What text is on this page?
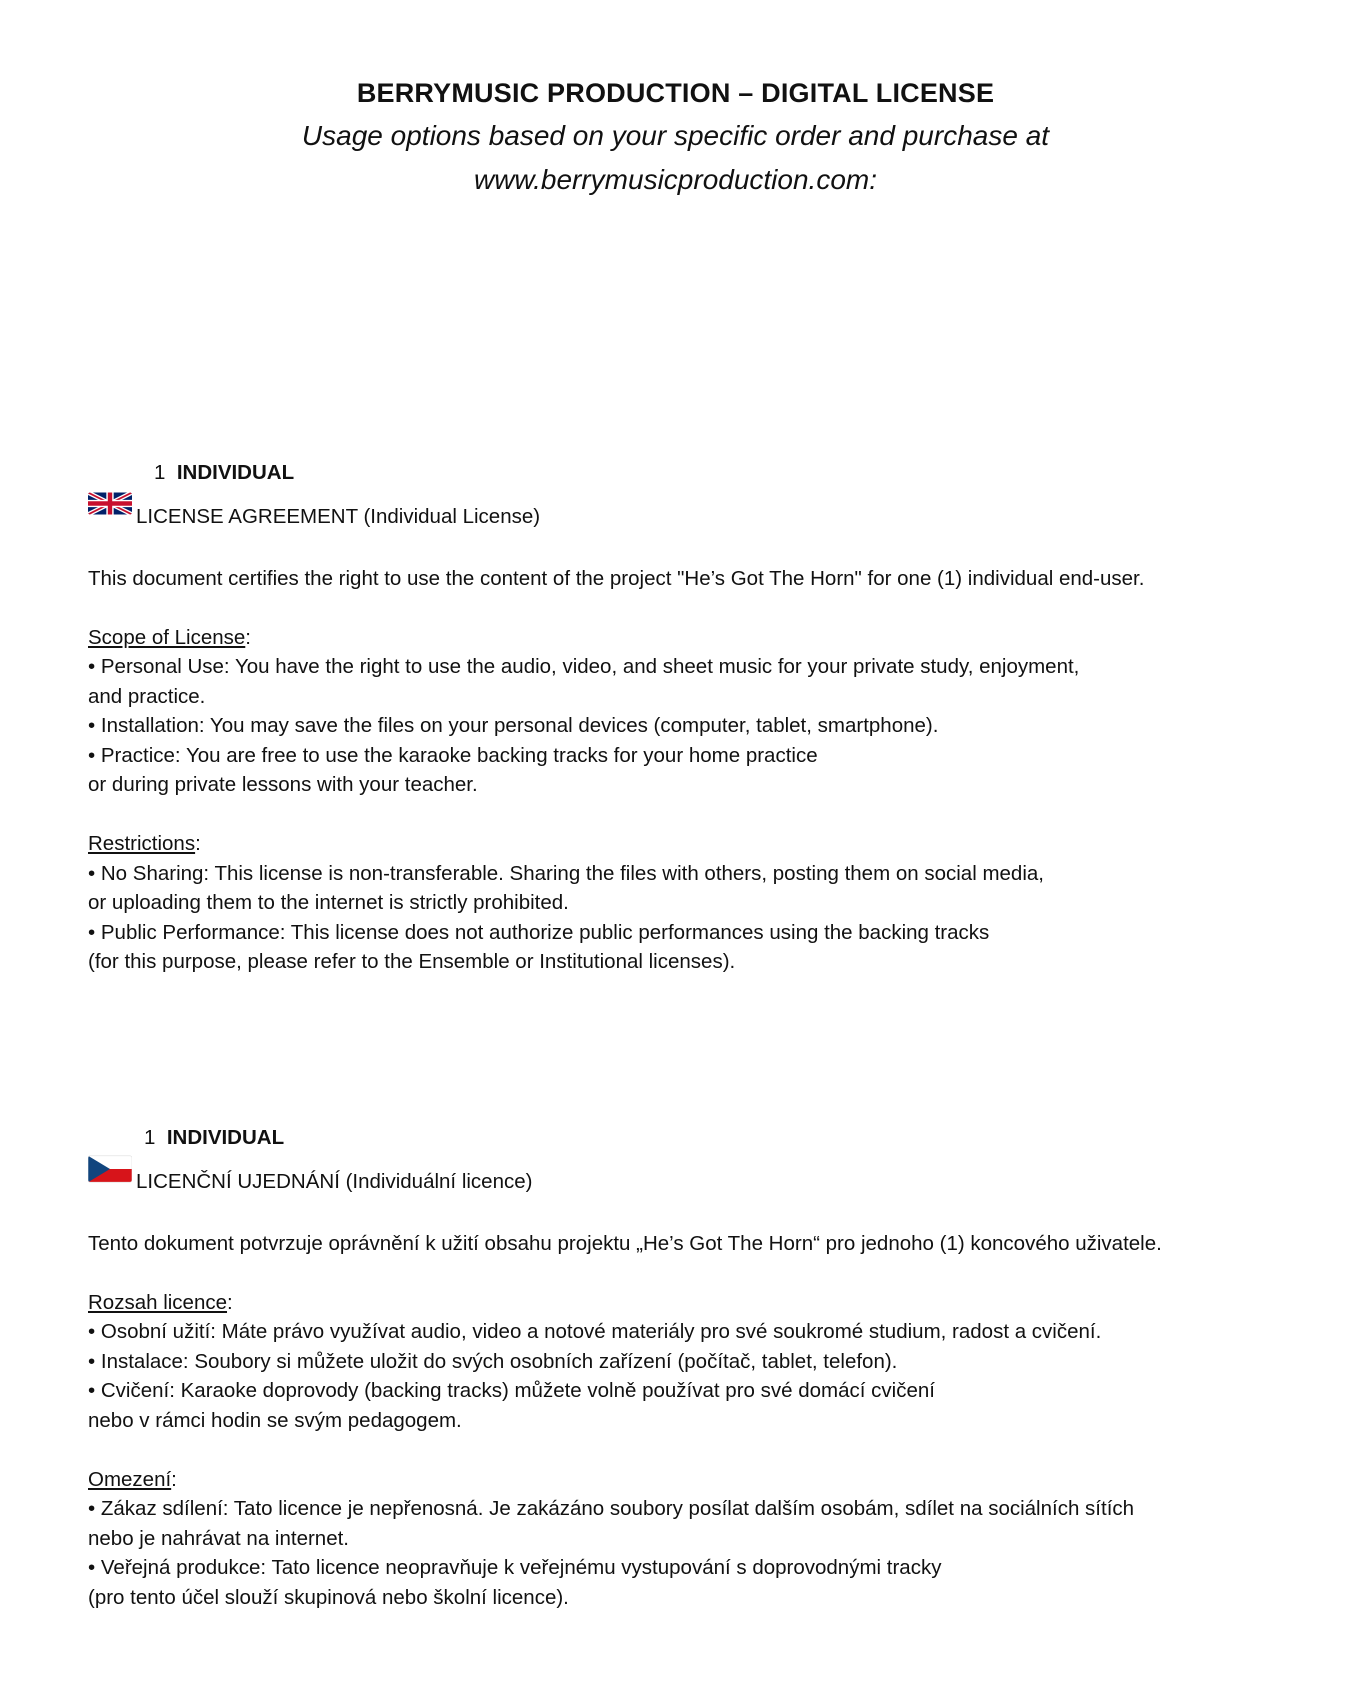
BERRYMUSIC PRODUCTION – DIGITAL LICENSE
Usage options based on your specific order and purchase at
www.berrymusicproduction.com:
1 INDIVIDUAL
LICENSE AGREEMENT (Individual License)

This document certifies the right to use the content of the project "He’s Got The Horn" for one (1) individual end-user.

Scope of License:

• Personal Use: You have the right to use the audio, video, and sheet music for your private study, enjoyment,

and practice.

• Installation: You may save the files on your personal devices (computer, tablet, smartphone).

• Practice: You are free to use the karaoke backing tracks for your home practice

or during private lessons with your teacher.

Restrictions:

• No Sharing: This license is non-transferable. Sharing the files with others, posting them on social media,

or uploading them to the internet is strictly prohibited.

• Public Performance: This license does not authorize public performances using the backing tracks

(for this purpose, please refer to the Ensemble or Institutional licenses).

1 INDIVIDUAL
LICENČNÍ UJEDNÁNÍ (Individuální licence)

Tento dokument potvrzuje oprávnění k užití obsahu projektu „He’s Got The Horn“ pro jednoho (1) koncového uživatele.

Rozsah licence:

• Osobní užití: Máte právo využívat audio, video a notové materiály pro své soukromé studium, radost a cvičení.

• Instalace: Soubory si můžete uložit do svých osobních zařízení (počítač, tablet, telefon).

• Cvičení: Karaoke doprovody (backing tracks) můžete volně používat pro své domácí cvičení

nebo v rámci hodin se svým pedagogem.

Omezení:

• Zákaz sdílení: Tato licence je nepřenosná. Je zakázáno soubory posílat dalším osobám, sdílet na sociálních sítích

nebo je nahrávat na internet.

• Veřejná produkce: Tato licence neopravňuje k veřejnému vystupování s doprovodnými tracky

(pro tento účel slouží skupinová nebo školní licence).
